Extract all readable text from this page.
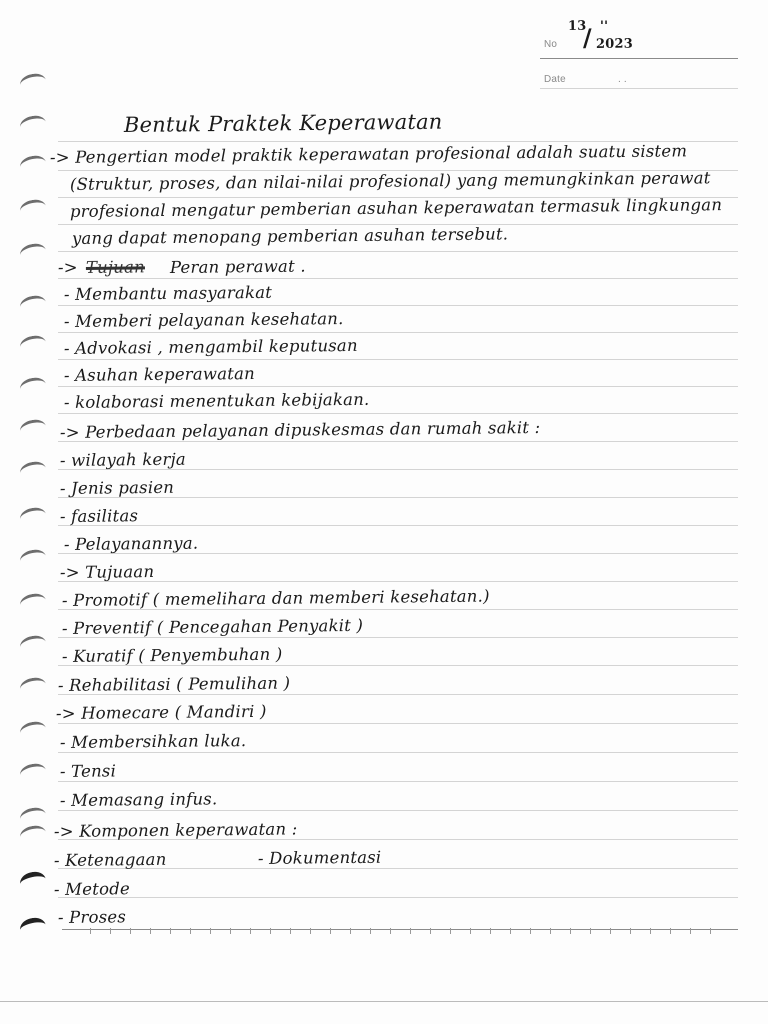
No
13
/ ''
2023
Date	. .
Bentuk Praktek Keperawatan
-> Pengertian model praktik keperawatan profesional adalah suatu sistem
(Struktur, proses, dan nilai-nilai profesional) yang memungkinkan perawat
profesional mengatur pemberian asuhan keperawatan termasuk lingkungan
yang dapat menopang pemberian asuhan tersebut.
-> Tujuan Peran perawat .
- Membantu masyarakat
- Memberi pelayanan kesehatan.
- Advokasi , mengambil keputusan
- Asuhan keperawatan
- kolaborasi menentukan kebijakan.
-> Perbedaan pelayanan dipuskesmas dan rumah sakit :
- wilayah kerja
- Jenis pasien
- fasilitas
- Pelayanannya.
-> Tujuaan
- Promotif ( memelihara dan memberi kesehatan.)
- Preventif ( Pencegahan Penyakit )
- Kuratif ( Penyembuhan )
- Rehabilitasi ( Pemulihan )
-> Homecare ( Mandiri )
- Membersihkan luka.
- Tensi
- Memasang infus.
-> Komponen keperawatan :
- Ketenagaan	- Dokumentasi
- Metode
- Proses
